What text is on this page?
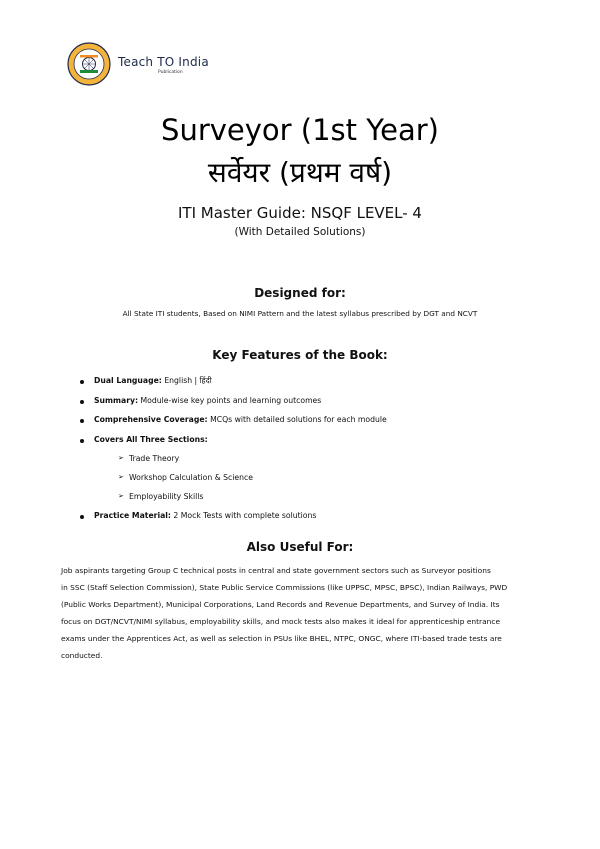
Teach TO India
Publication
Surveyor (1st Year)
सर्वेयर (प्रथम वर्ष)
ITI Master Guide: NSQF LEVEL- 4
(With Detailed Solutions)
Designed for:
All State ITI students, Based on NIMI Pattern and the latest syllabus prescribed by DGT and NCVT
Key Features of the Book:
Dual Language: English | हिंदी
Summary: Module-wise key points and learning outcomes
Comprehensive Coverage: MCQs with detailed solutions for each module
Covers All Three Sections:
➢ Trade Theory
➢ Workshop Calculation & Science
➢ Employability Skills
Practice Material: 2 Mock Tests with complete solutions
Also Useful For:
Job aspirants targeting Group C technical posts in central and state government sectors such as Surveyor positions
in SSC (Staff Selection Commission), State Public Service Commissions (like UPPSC, MPSC, BPSC), Indian Railways, PWD
(Public Works Department), Municipal Corporations, Land Records and Revenue Departments, and Survey of India. Its
focus on DGT/NCVT/NIMI syllabus, employability skills, and mock tests also makes it ideal for apprenticeship entrance
exams under the Apprentices Act, as well as selection in PSUs like BHEL, NTPC, ONGC, where ITI-based trade tests are
conducted.
